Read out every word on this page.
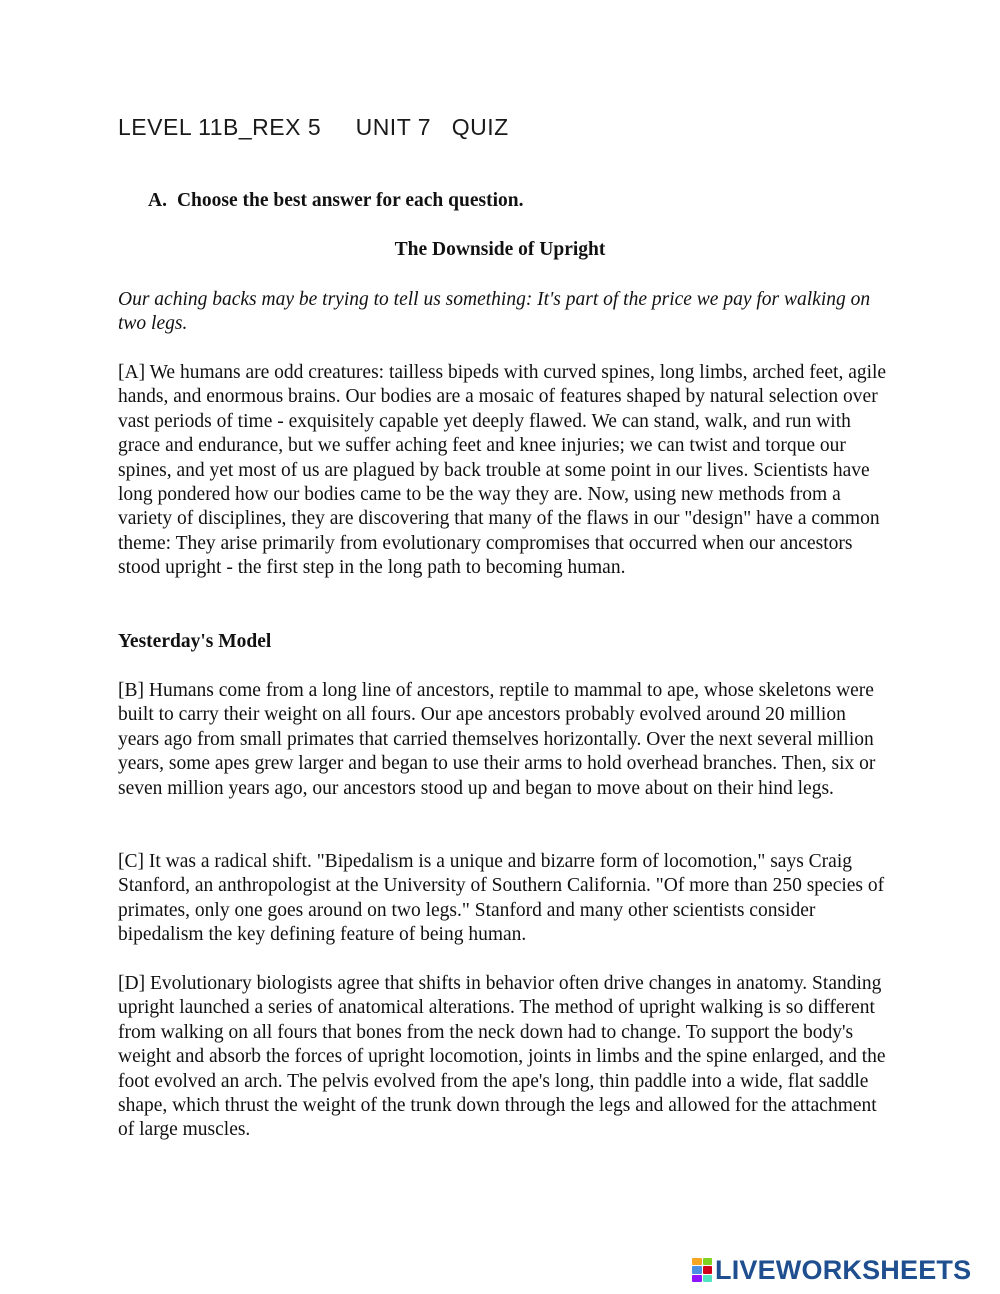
LEVEL 11B_REX 5 UNIT 7 QUIZ
A. Choose the best answer for each question.
The Downside of Upright
Our aching backs may be trying to tell us something: It's part of the price we pay for walking on two legs.
[A] We humans are odd creatures: tailless bipeds with curved spines, long limbs, arched feet, agile hands, and enormous brains. Our bodies are a mosaic of features shaped by natural selection over vast periods of time - exquisitely capable yet deeply flawed. We can stand, walk, and run with grace and endurance, but we suffer aching feet and knee injuries; we can twist and torque our spines, and yet most of us are plagued by back trouble at some point in our lives. Scientists have long pondered how our bodies came to be the way they are. Now, using new methods from a variety of disciplines, they are discovering that many of the flaws in our "design" have a common theme: They arise primarily from evolutionary compromises that occurred when our ancestors stood upright - the first step in the long path to becoming human.
Yesterday's Model
[B] Humans come from a long line of ancestors, reptile to mammal to ape, whose skeletons were built to carry their weight on all fours. Our ape ancestors probably evolved around 20 million years ago from small primates that carried themselves horizontally. Over the next several million years, some apes grew larger and began to use their arms to hold overhead branches. Then, six or seven million years ago, our ancestors stood up and began to move about on their hind legs.
[C] It was a radical shift. "Bipedalism is a unique and bizarre form of locomotion," says Craig Stanford, an anthropologist at the University of Southern California. "Of more than 250 species of primates, only one goes around on two legs." Stanford and many other scientists consider bipedalism the key defining feature of being human.
[D] Evolutionary biologists agree that shifts in behavior often drive changes in anatomy. Standing upright launched a series of anatomical alterations. The method of upright walking is so different from walking on all fours that bones from the neck down had to change. To support the body's weight and absorb the forces of upright locomotion, joints in limbs and the spine enlarged, and the foot evolved an arch. The pelvis evolved from the ape's long, thin paddle into a wide, flat saddle shape, which thrust the weight of the trunk down through the legs and allowed for the attachment of large muscles.
LIVEWORKSHEETS
